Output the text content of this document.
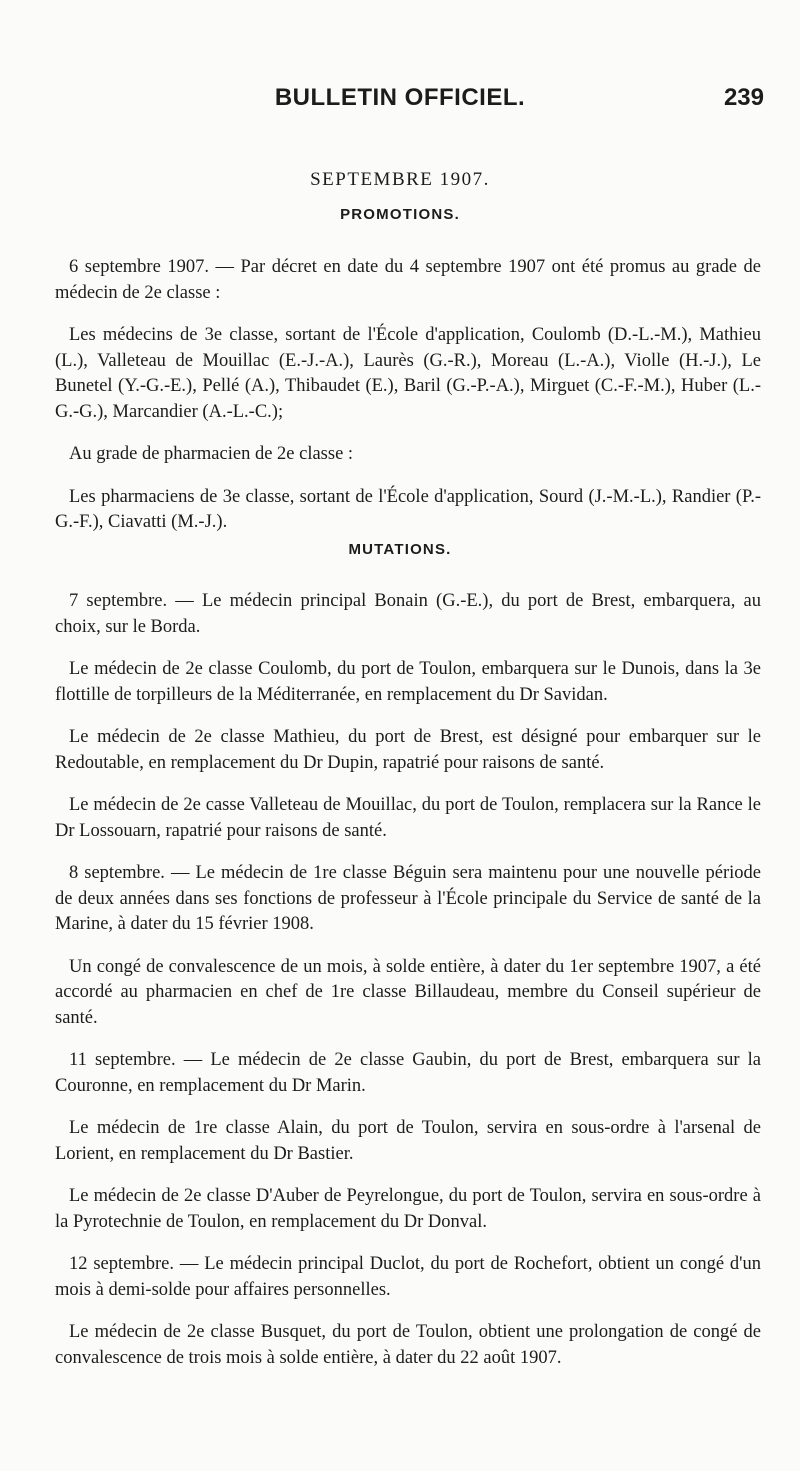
BULLETIN OFFICIEL.	239
SEPTEMBRE 1907.
PROMOTIONS.

6 septembre 1907. — Par décret en date du 4 septembre 1907 ont été promus au grade de médecin de 2e classe :

Les médecins de 3e classe, sortant de l'École d'application, Coulomb (D.-L.-M.), Mathieu (L.), Valleteau de Mouillac (E.-J.-A.), Laurès (G.-R.), Moreau (L.-A.), Violle (H.-J.), Le Bunetel (Y.-G.-E.), Pellé (A.), Thibaudet (E.), Baril (G.-P.-A.), Mirguet (C.-F.-M.), Huber (L.-G.-G.), Marcandier (A.-L.-C.);

Au grade de pharmacien de 2e classe :

Les pharmaciens de 3e classe, sortant de l'École d'application, Sourd (J.-M.-L.), Randier (P.-G.-F.), Ciavatti (M.-J.).

MUTATIONS.

7 septembre. — Le médecin principal Bonain (G.-E.), du port de Brest, embarquera, au choix, sur le Borda.

Le médecin de 2e classe Coulomb, du port de Toulon, embarquera sur le Dunois, dans la 3e flottille de torpilleurs de la Méditerranée, en remplacement du Dr Savidan.

Le médecin de 2e classe Mathieu, du port de Brest, est désigné pour embarquer sur le Redoutable, en remplacement du Dr Dupin, rapatrié pour raisons de santé.

Le médecin de 2e casse Valleteau de Mouillac, du port de Toulon, remplacera sur la Rance le Dr Lossouarn, rapatrié pour raisons de santé.

8 septembre. — Le médecin de 1re classe Béguin sera maintenu pour une nouvelle période de deux années dans ses fonctions de professeur à l'École principale du Service de santé de la Marine, à dater du 15 février 1908.

Un congé de convalescence de un mois, à solde entière, à dater du 1er septembre 1907, a été accordé au pharmacien en chef de 1re classe Billaudeau, membre du Conseil supérieur de santé.

11 septembre. — Le médecin de 2e classe Gaubin, du port de Brest, embarquera sur la Couronne, en remplacement du Dr Marin.

Le médecin de 1re classe Alain, du port de Toulon, servira en sous-ordre à l'arsenal de Lorient, en remplacement du Dr Bastier.

Le médecin de 2e classe D'Auber de Peyrelongue, du port de Toulon, servira en sous-ordre à la Pyrotechnie de Toulon, en remplacement du Dr Donval.

12 septembre. — Le médecin principal Duclot, du port de Rochefort, obtient un congé d'un mois à demi-solde pour affaires personnelles.

Le médecin de 2e classe Busquet, du port de Toulon, obtient une prolongation de congé de convalescence de trois mois à solde entière, à dater du 22 août 1907.
